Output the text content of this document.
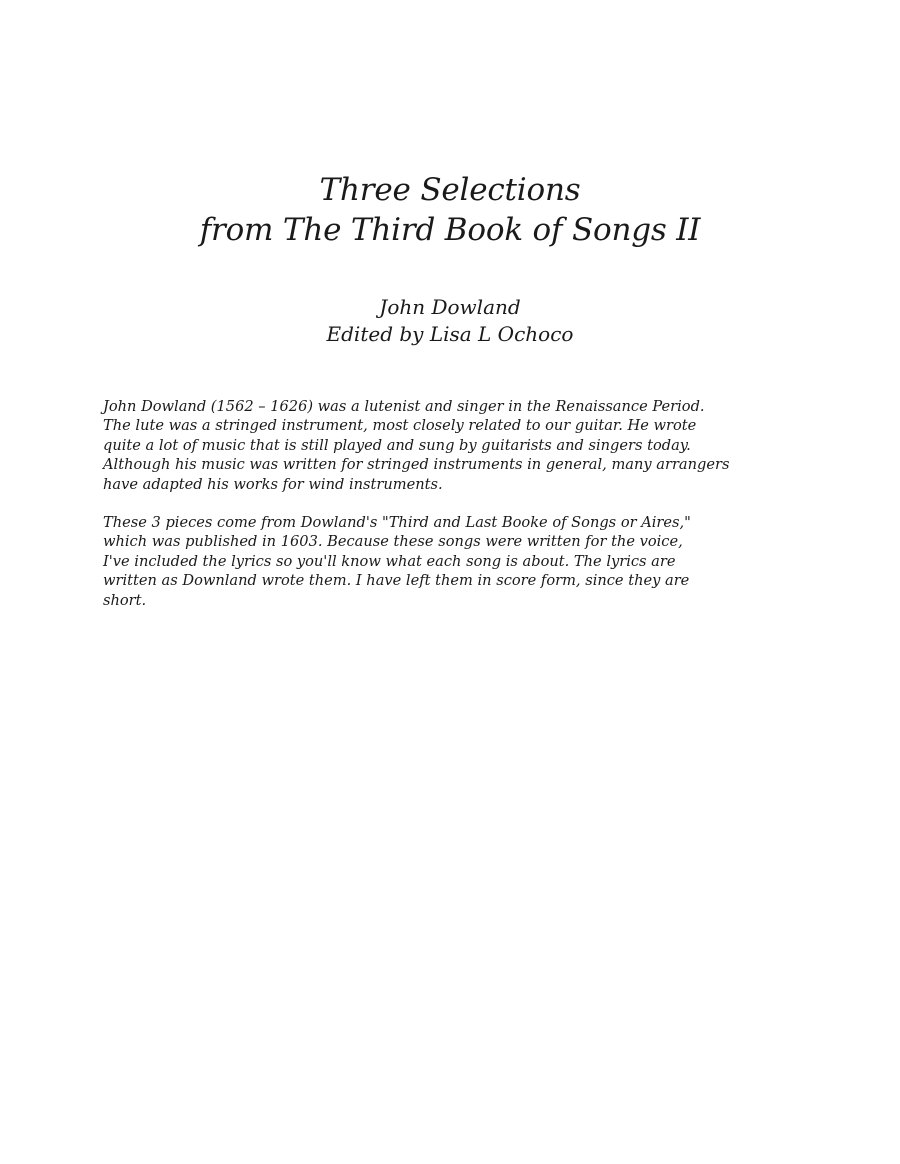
Three Selections
from The Third Book of Songs II
John Dowland
Edited by Lisa L Ochoco
John Dowland (1562 – 1626) was a lutenist and singer in the Renaissance Period.
The lute was a stringed instrument, most closely related to our guitar. He wrote
quite a lot of music that is still played and sung by guitarists and singers today.
Although his music was written for stringed instruments in general, many arrangers
have adapted his works for wind instruments.
These 3 pieces come from Dowland's "Third and Last Booke of Songs or Aires,"
which was published in 1603. Because these songs were written for the voice,
I've included the lyrics so you'll know what each song is about. The lyrics are
written as Downland wrote them. I have left them in score form, since they are
short.
